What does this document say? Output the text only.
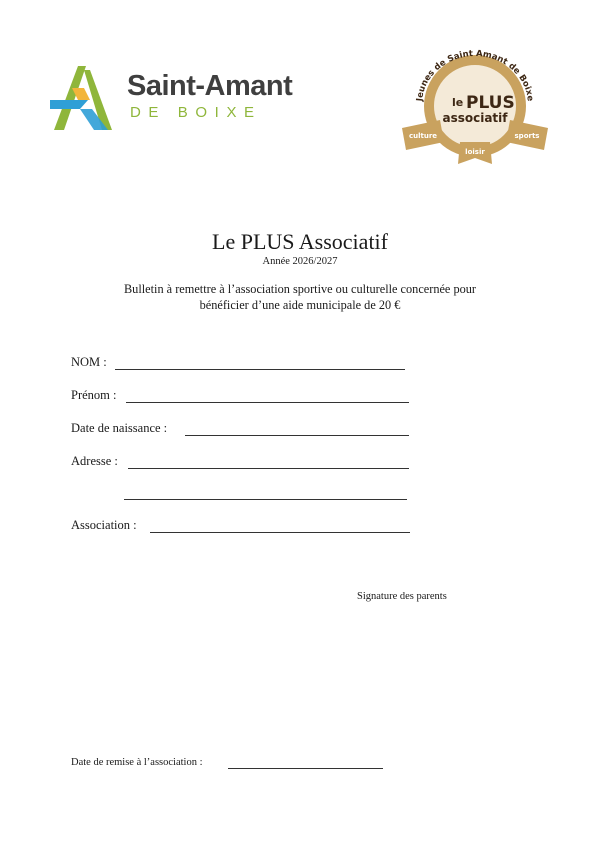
Saint-Amant
DE BOIXE
Jeunes de Saint Amant de Boixe
culture
loisir
sports
le PLUS
associatif
Le PLUS Associatif
Année 2026/2027
Bulletin à remettre à l’association sportive ou culturelle concernée pour
bénéficier d’une aide municipale de 20 €
NOM :
Prénom :
Date de naissance :
Adresse :
Association :
Signature des parents
Date de remise à l’association :
